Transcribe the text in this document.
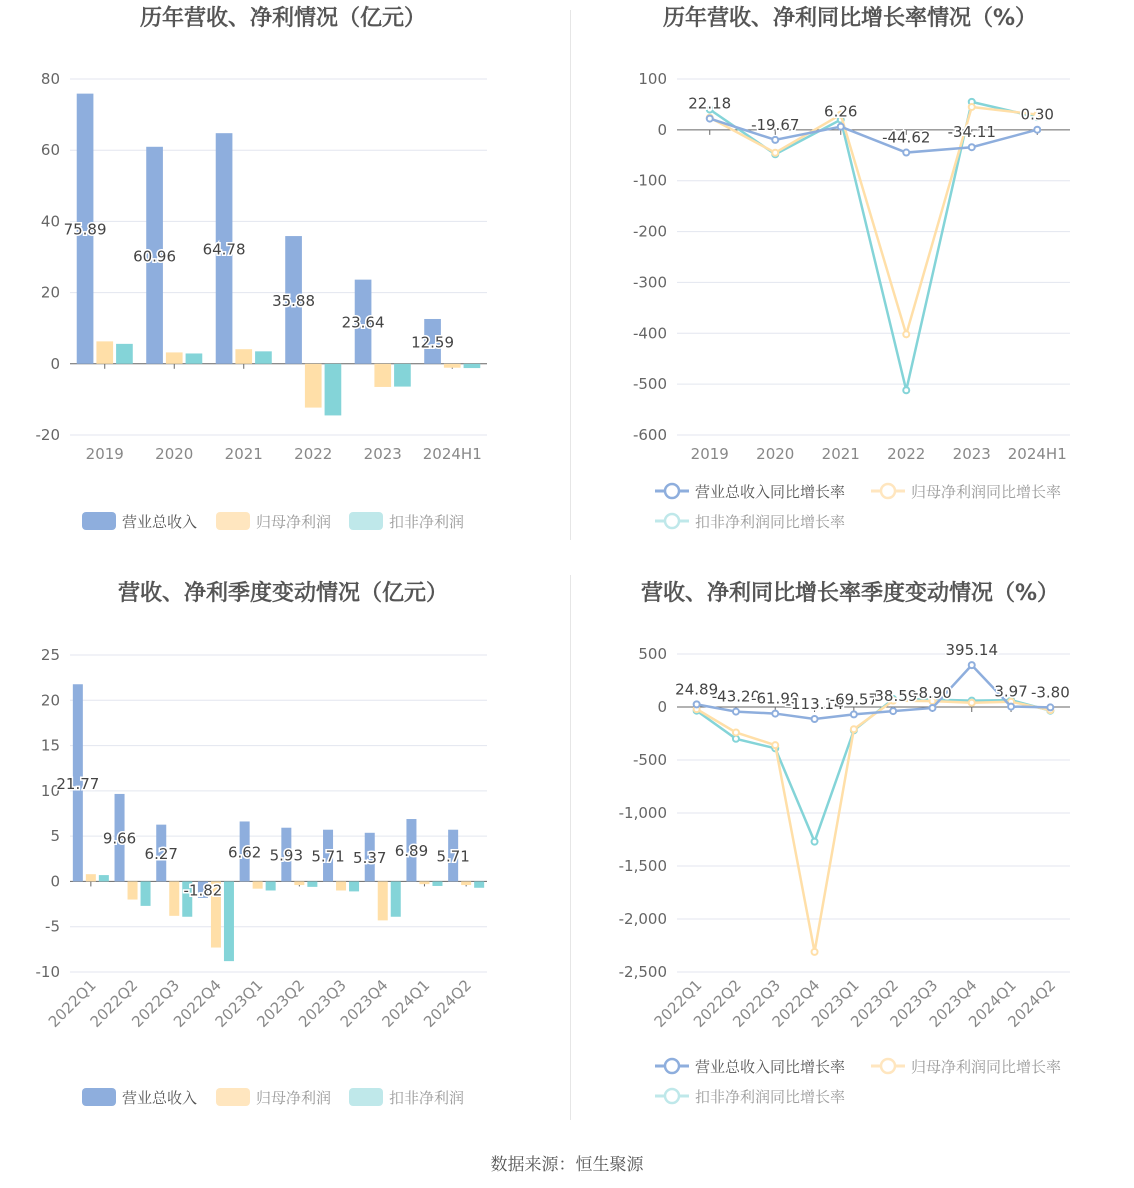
历年营收、净利情况（亿元）
80
60
40
20
0
-20
2019 2020 2021 2022 2023 2024H1
75.89
60.96 64.78
35.88
23.64
12.59
营业总收入	归母净利润	扣非净利润
历年营收、净利同比增长率情况（%）
100
0
-100
-200
-300
-400
-500
-600
2019 2020 2021 2022 2023 2024H1
22.18
-19.67
6.26
-44.62 -34.11
0.30
营业总收入同比增长率	归母净利润同比增长率
扣非净利润同比增长率
营收、净利季度变动情况（亿元）
25
20
15
10
5
0
-5
-10
2022Q1
2022Q2
2022Q3
2022Q4
2023Q1
2023Q2
2023Q3
2023Q4
2024Q1
2024Q2
21.77
9.66
6.27
-1.82
6.62 5.93 5.71 5.37 6.89 5.71
营业总收入	归母净利润	扣非净利润
营收、净利同比增长率季度变动情况（%）
500
0
-500
-1,000
-1,500
-2,000
-2,500
2022Q1
2022Q2
2022Q3
2022Q4
2023Q1
2023Q2
2023Q3
2023Q4
2024Q1
2024Q2
24.89
-43.20
-61.99
-113.14
-69.57
-38.59
-8.90
395.14
3.97 -3.80
营业总收入同比增长率	归母净利润同比增长率
扣非净利润同比增长率
数据来源：恒生聚源
